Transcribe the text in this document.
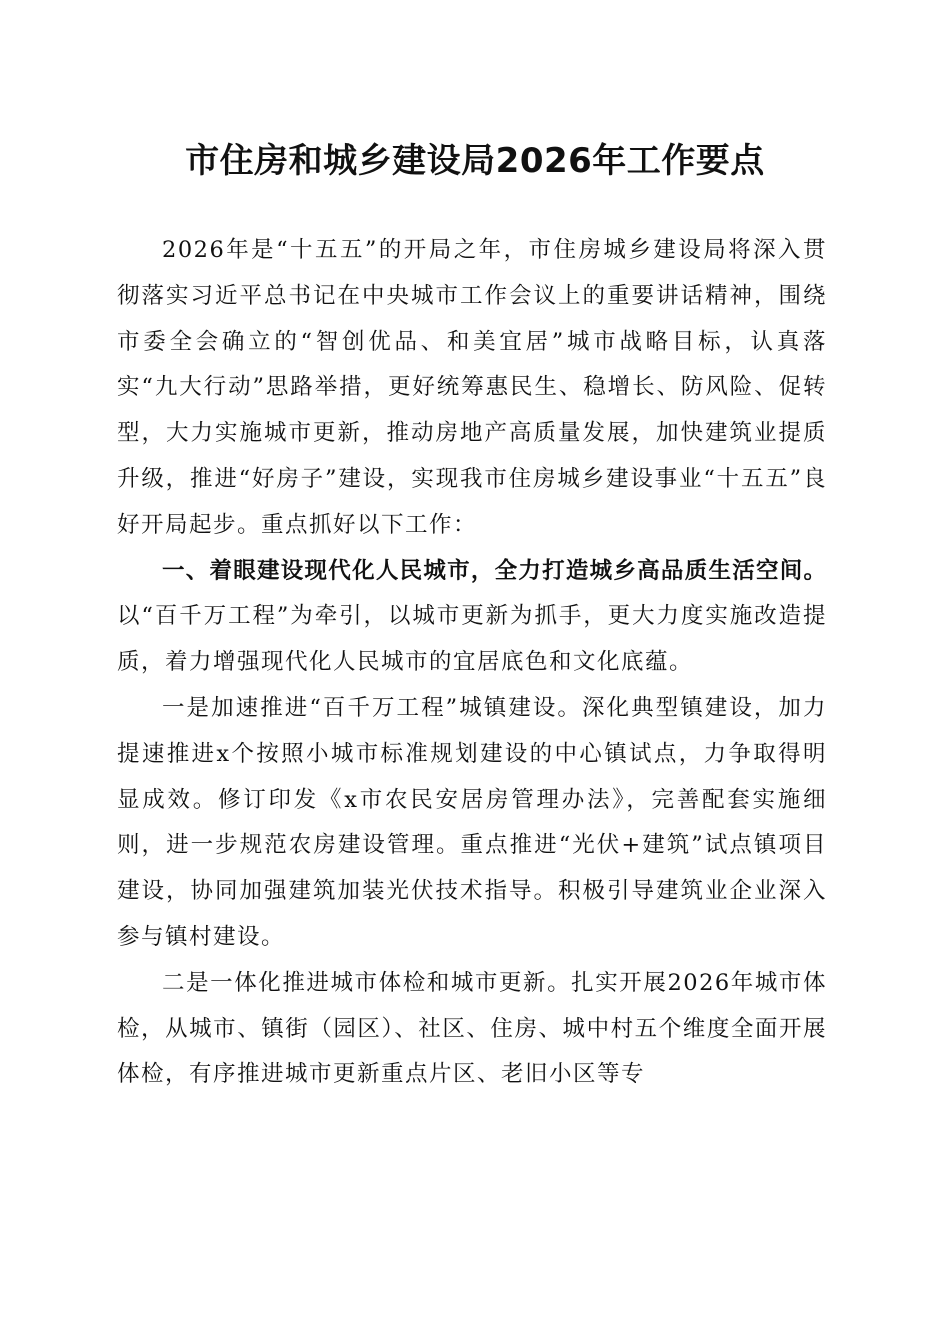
市住房和城乡建设局2026年工作要点

2026年是“十五五”的开局之年，市住房城乡建设局将深入贯彻落实习近平总书记在中央城市工作会议上的重要讲话精神，围绕市委全会确立的“智创优品、和美宜居”城市战略目标，认真落实“九大行动”思路举措，更好统筹惠民生、稳增长、防风险、促转型，大力实施城市更新，推动房地产高质量发展，加快建筑业提质升级，推进“好房子”建设，实现我市住房城乡建设事业“十五五”良好开局起步。重点抓好以下工作：

一、着眼建设现代化人民城市，全力打造城乡高品质生活空间。以“百千万工程”为牵引，以城市更新为抓手，更大力度实施改造提质，着力增强现代化人民城市的宜居底色和文化底蕴。

一是加速推进“百千万工程”城镇建设。深化典型镇建设，加力提速推进x个按照小城市标准规划建设的中心镇试点，力争取得明显成效。修订印发《x市农民安居房管理办法》，完善配套实施细则，进一步规范农房建设管理。重点推进“光伏+建筑”试点镇项目建设，协同加强建筑加装光伏技术指导。积极引导建筑业企业深入参与镇村建设。

二是一体化推进城市体检和城市更新。扎实开展2026年城市体检，从城市、镇街（园区）、社区、住房、城中村五个维度全面开展体检，有序推进城市更新重点片区、老旧小区等专
